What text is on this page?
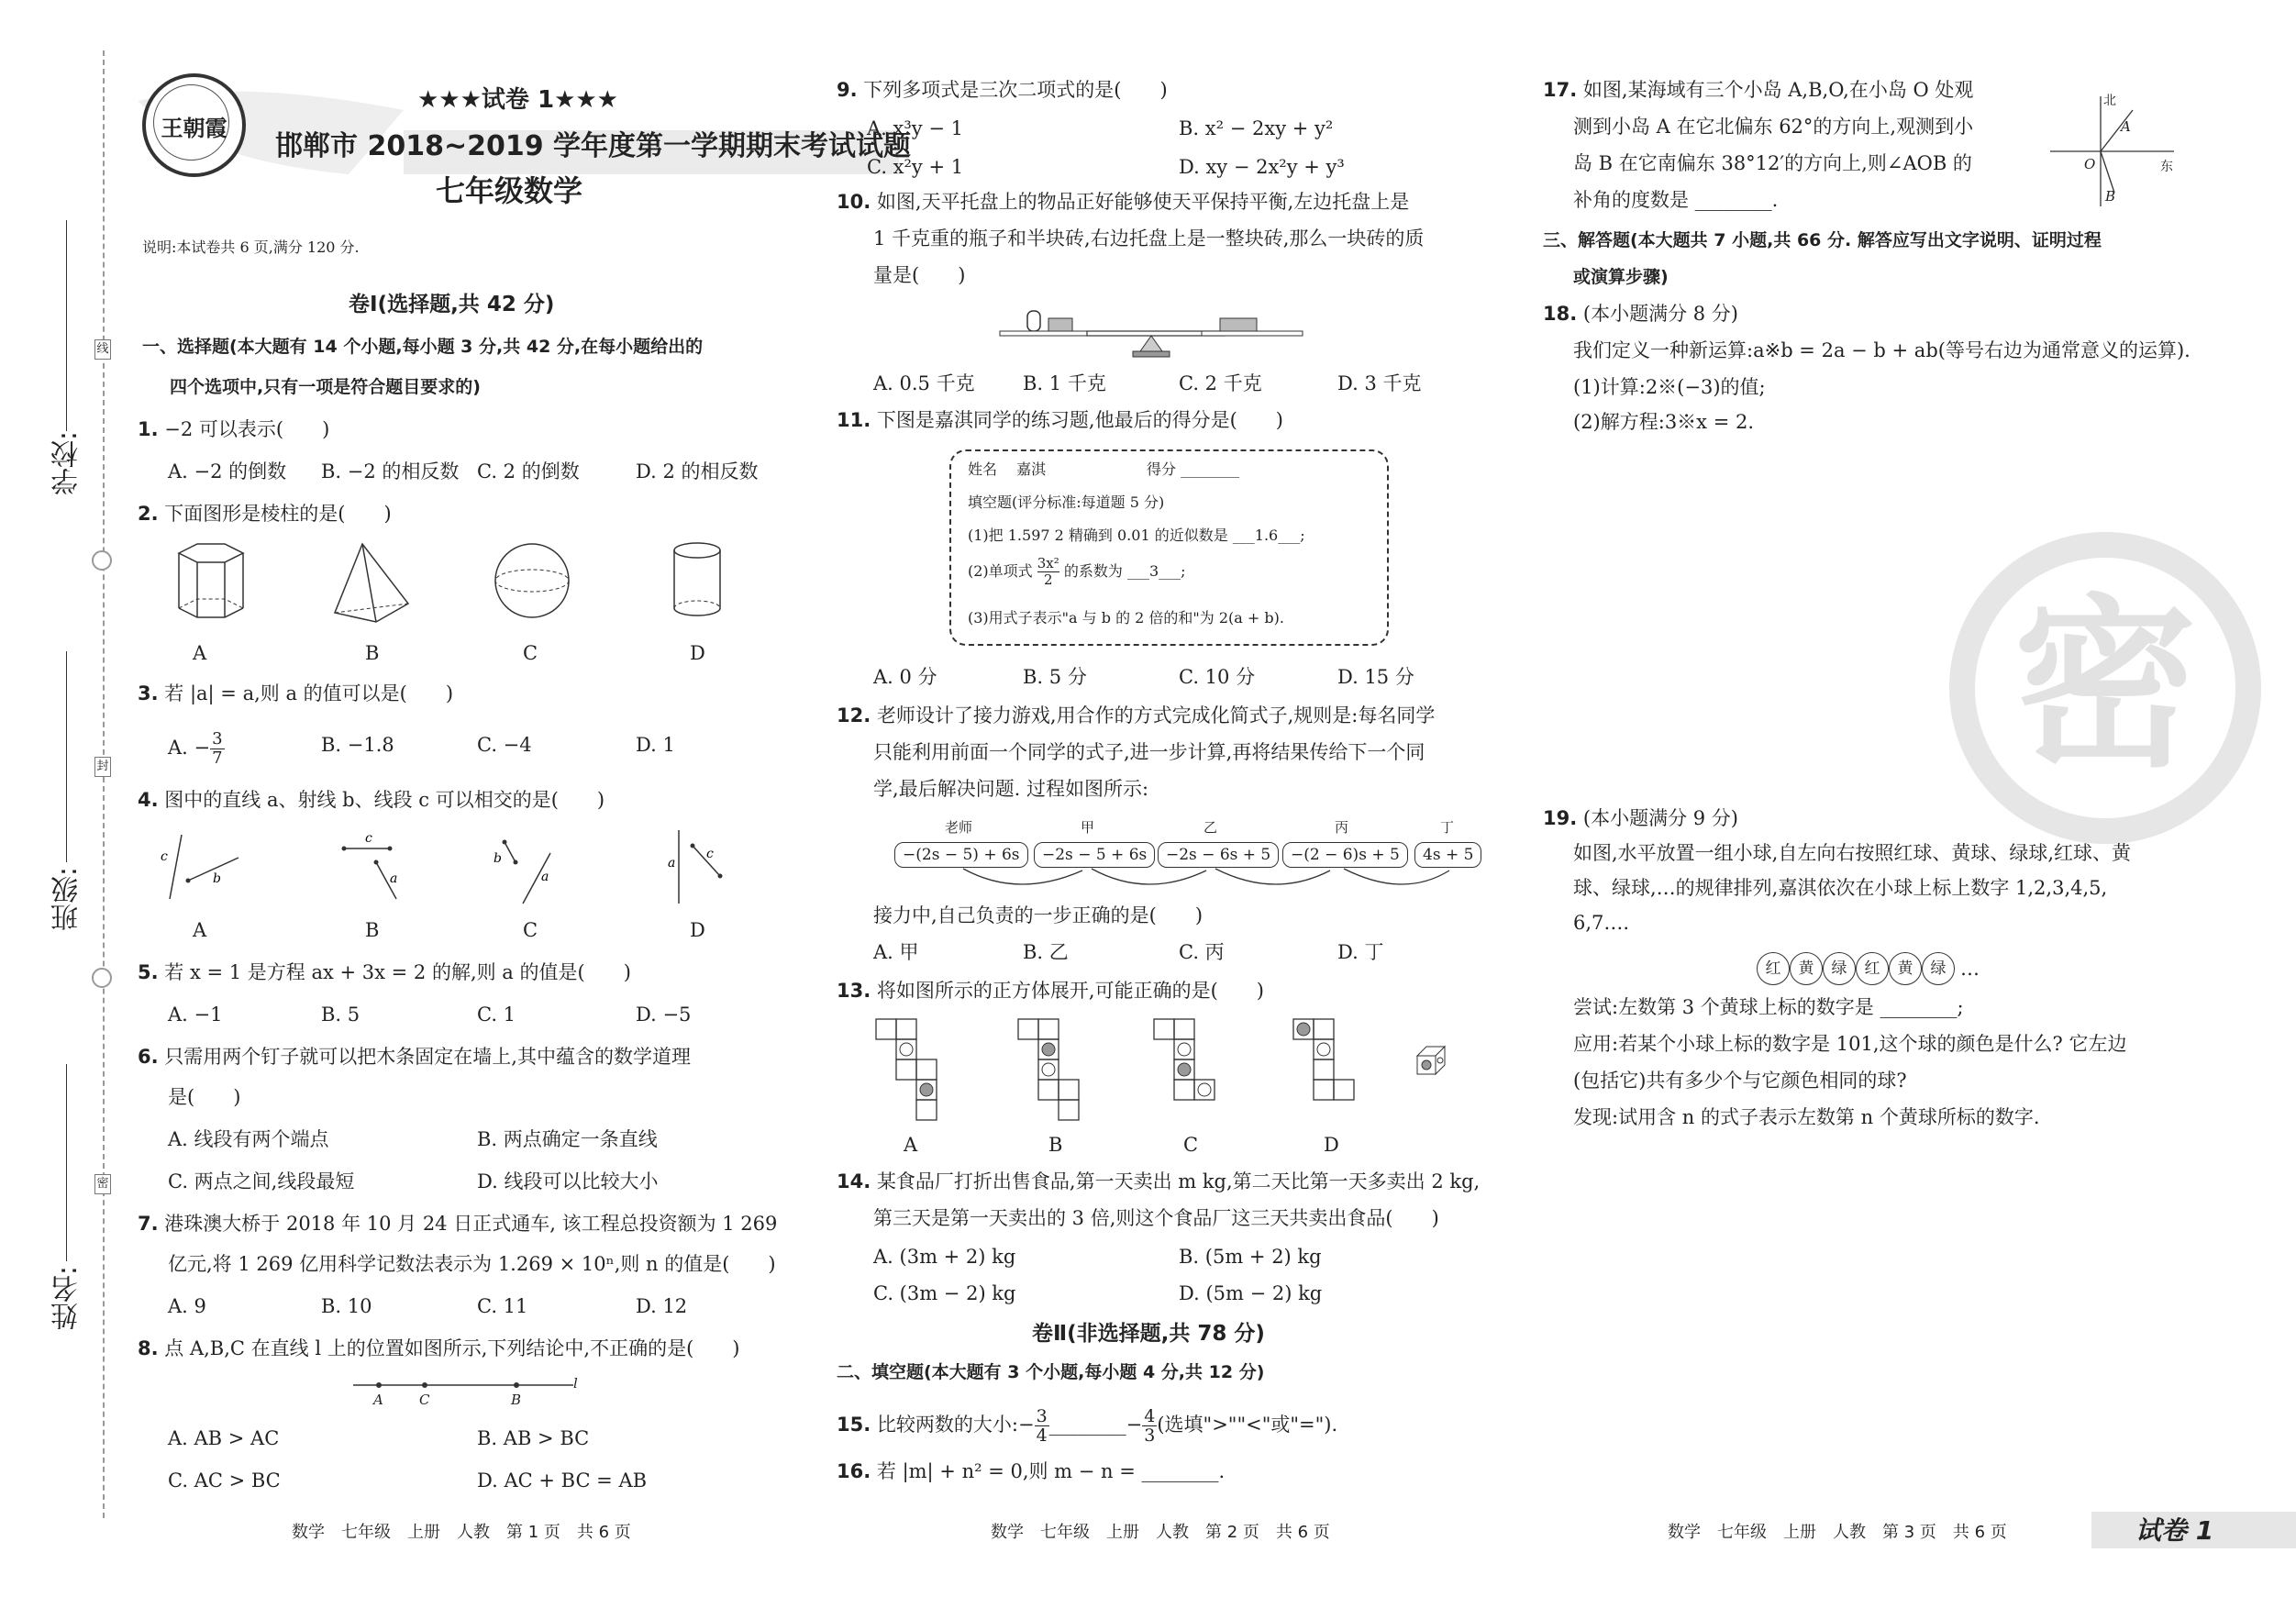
学校:
班级:
姓名:
线
封
密
王朝霞
★★★试卷 1★★★
邯郸市 2018~2019 学年度第一学期期末考试试题
七年级数学
说明:本试卷共 6 页,满分 120 分.
卷Ⅰ(选择题,共 42 分)
一、选择题(本大题有 14 个小题,每小题 3 分,共 42 分,在每小题给出的
四个选项中,只有一项是符合题目要求的)
1. −2 可以表示(　　)
A. −2 的倒数 B. −2 的相反数 C. 2 的倒数	D. 2 的相反数
2. 下面图形是棱柱的是(　　)
A	B	C	D
3. 若 |a| = a,则 a 的值可以是(　　)
A. − $\frac{3}{7}$	B. −1.8	C. −4	D. 1
4. 图中的直线 a、射线 b、线段 c 可以相交的是(　　)
c
b
c
a
b
a
a
c
A	B	C	D
5. 若 x = 1 是方程 ax + 3x = 2 的解,则 a 的值是(　　)
A. −1	B. 5	C. 1	D. −5
6. 只需用两个钉子就可以把木条固定在墙上,其中蕴含的数学道理
是(　　)
A. 线段有两个端点	B. 两点确定一条直线
C. 两点之间,线段最短	D. 线段可以比较大小
7. 港珠澳大桥于 2018 年 10 月 24 日正式通车, 该工程总投资额为 1 269
亿元,将 1 269 亿用科学记数法表示为 1.269 × 10ⁿ,则 n 的值是(　　)
A. 9	B. 10	C. 11	D. 12
8. 点 A,B,C 在直线 l 上的位置如图所示,下列结论中,不正确的是(　　)
A	C	B
l
A. AB > AC	B. AB > BC
C. AC > BC	D. AC + BC = AB
9. 下列多项式是三次二项式的是(　　)
A. x³y − 1	B. x² − 2xy + y²
C. x²y + 1	D. xy − 2x²y + y³
10. 如图,天平托盘上的物品正好能够使天平保持平衡,左边托盘上是
1 千克重的瓶子和半块砖,右边托盘上是一整块砖,那么一块砖的质
量是(　　)
A. 0.5 千克 B. 1 千克	C. 2 千克	D. 3 千克
11. 下图是嘉淇同学的练习题,他最后的得分是(　　)
姓名 　嘉淇　	得分 ________
填空题(评分标准:每道题 5 分)
(1)把 1.597 2 精确到 0.01 的近似数是 ___1.6___;
(2)单项式 $\frac{\text{3x²}}{2}$ 的系数为 ___3___;
(3)用式子表示"a 与 b 的 2 倍的和"为 2(a + b).
A. 0 分	B. 5 分	C. 10 分	D. 15 分
12. 老师设计了接力游戏,用合作的方式完成化简式子,规则是:每名同学
只能利用前面一个同学的式子,进一步计算,再将结果传给下一个同
学,最后解决问题. 过程如图所示:
老师	甲	乙	丙	丁
−(2s − 5) + 6s	−2s − 5 + 6s	−2s − 6s + 5	−(2 − 6)s + 5	4s + 5
接力中,自己负责的一步正确的是(　　)
A. 甲	B. 乙	C. 丙	D. 丁
13. 将如图所示的正方体展开,可能正确的是(　　)
A	B	C	D
14. 某食品厂打折出售食品,第一天卖出 m kg,第二天比第一天多卖出 2 kg,
第三天是第一天卖出的 3 倍,则这个食品厂这三天共卖出食品(　　)
A. (3m + 2) kg	B. (5m + 2) kg
C. (3m − 2) kg	D. (5m − 2) kg
卷Ⅱ(非选择题,共 78 分)
二、填空题(本大题有 3 个小题,每小题 4 分,共 12 分)
15. 比较两数的大小:− $\frac{3}{4}$ ________− $\frac{4}{3}$ (选填">""<"或"=").
16. 若 |m| + n² = 0,则 m − n = ________.
17. 如图,某海域有三个小岛 A,B,O,在小岛 O 处观
测到小岛 A 在它北偏东 62°的方向上,观测到小
岛 B 在它南偏东 38°12′的方向上,则∠AOB 的
补角的度数是 ________.
北
东
O
A
B
三、解答题(本大题共 7 小题,共 66 分. 解答应写出文字说明、证明过程
或演算步骤)
18. (本小题满分 8 分)
我们定义一种新运算:a※b = 2a − b + ab(等号右边为通常意义的运算).
(1)计算:2※(−3)的值;
(2)解方程:3※x = 2.
密
19. (本小题满分 9 分)
如图,水平放置一组小球,自左向右按照红球、黄球、绿球,红球、黄
球、绿球,…的规律排列,嘉淇依次在小球上标上数字 1,2,3,4,5,
6,7….
红	黄	绿	红	黄	绿 …
尝试:左数第 3 个黄球上标的数字是 ________;
应用:若某个小球上标的数字是 101,这个球的颜色是什么? 它左边
(包括它)共有多少个与它颜色相同的球?
发现:试用含 n 的式子表示左数第 n 个黄球所标的数字.
数学　七年级　上册　人教　第 1 页　共 6 页	数学　七年级　上册　人教　第 2 页　共 6 页	数学　七年级　上册　人教　第 3 页　共 6 页	试卷 1
